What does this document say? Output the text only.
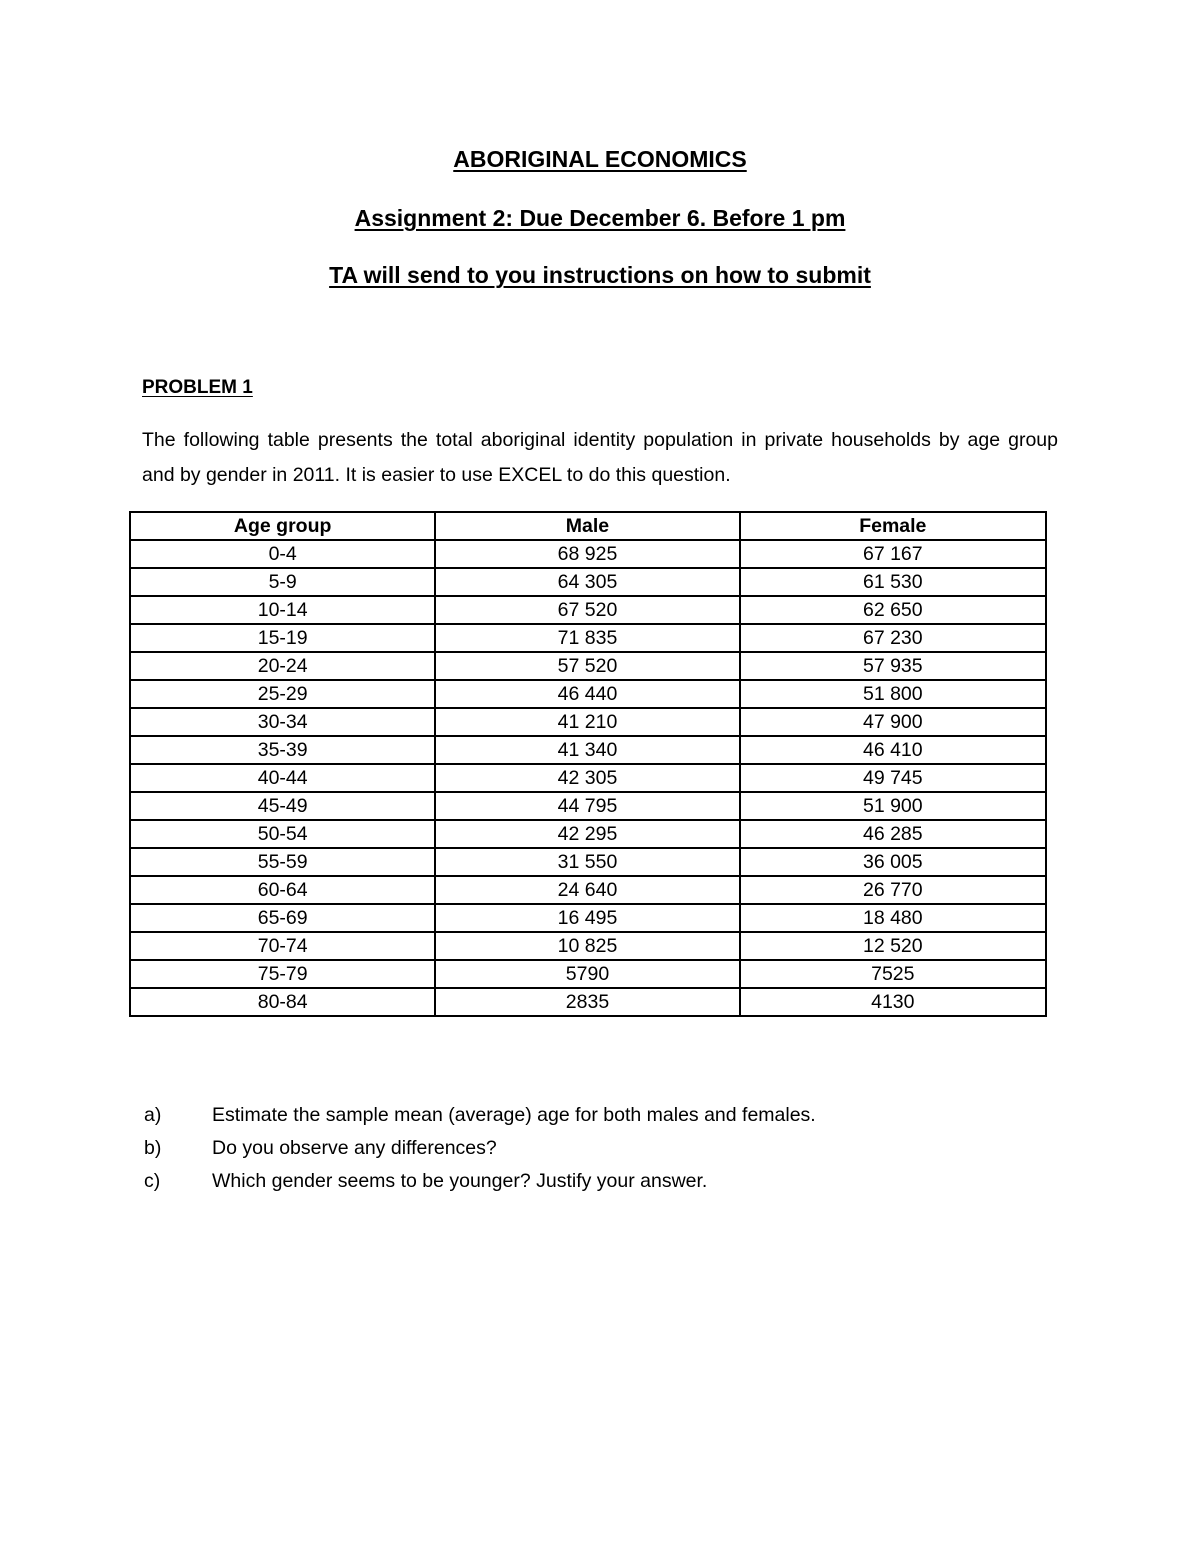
ABORIGINAL ECONOMICS
Assignment 2: Due December 6. Before 1 pm
TA will send to you instructions on how to submit
PROBLEM 1
The following table presents the total aboriginal identity population in private households by age group and by gender in 2011. It is easier to use EXCEL to do this question.
Age group	Male	Female
0-4	68 925	67 167
5-9	64 305	61 530
10-14	67 520	62 650
15-19	71 835	67 230
20-24	57 520	57 935
25-29	46 440	51 800
30-34	41 210	47 900
35-39	41 340	46 410
40-44	42 305	49 745
45-49	44 795	51 900
50-54	42 295	46 285
55-59	31 550	36 005
60-64	24 640	26 770
65-69	16 495	18 480
70-74	10 825	12 520
75-79	5790	7525
80-84	2835	4130
a)	Estimate the sample mean (average) age for both males and females.
b)	Do you observe any differences?
c)	Which gender seems to be younger? Justify your answer.
